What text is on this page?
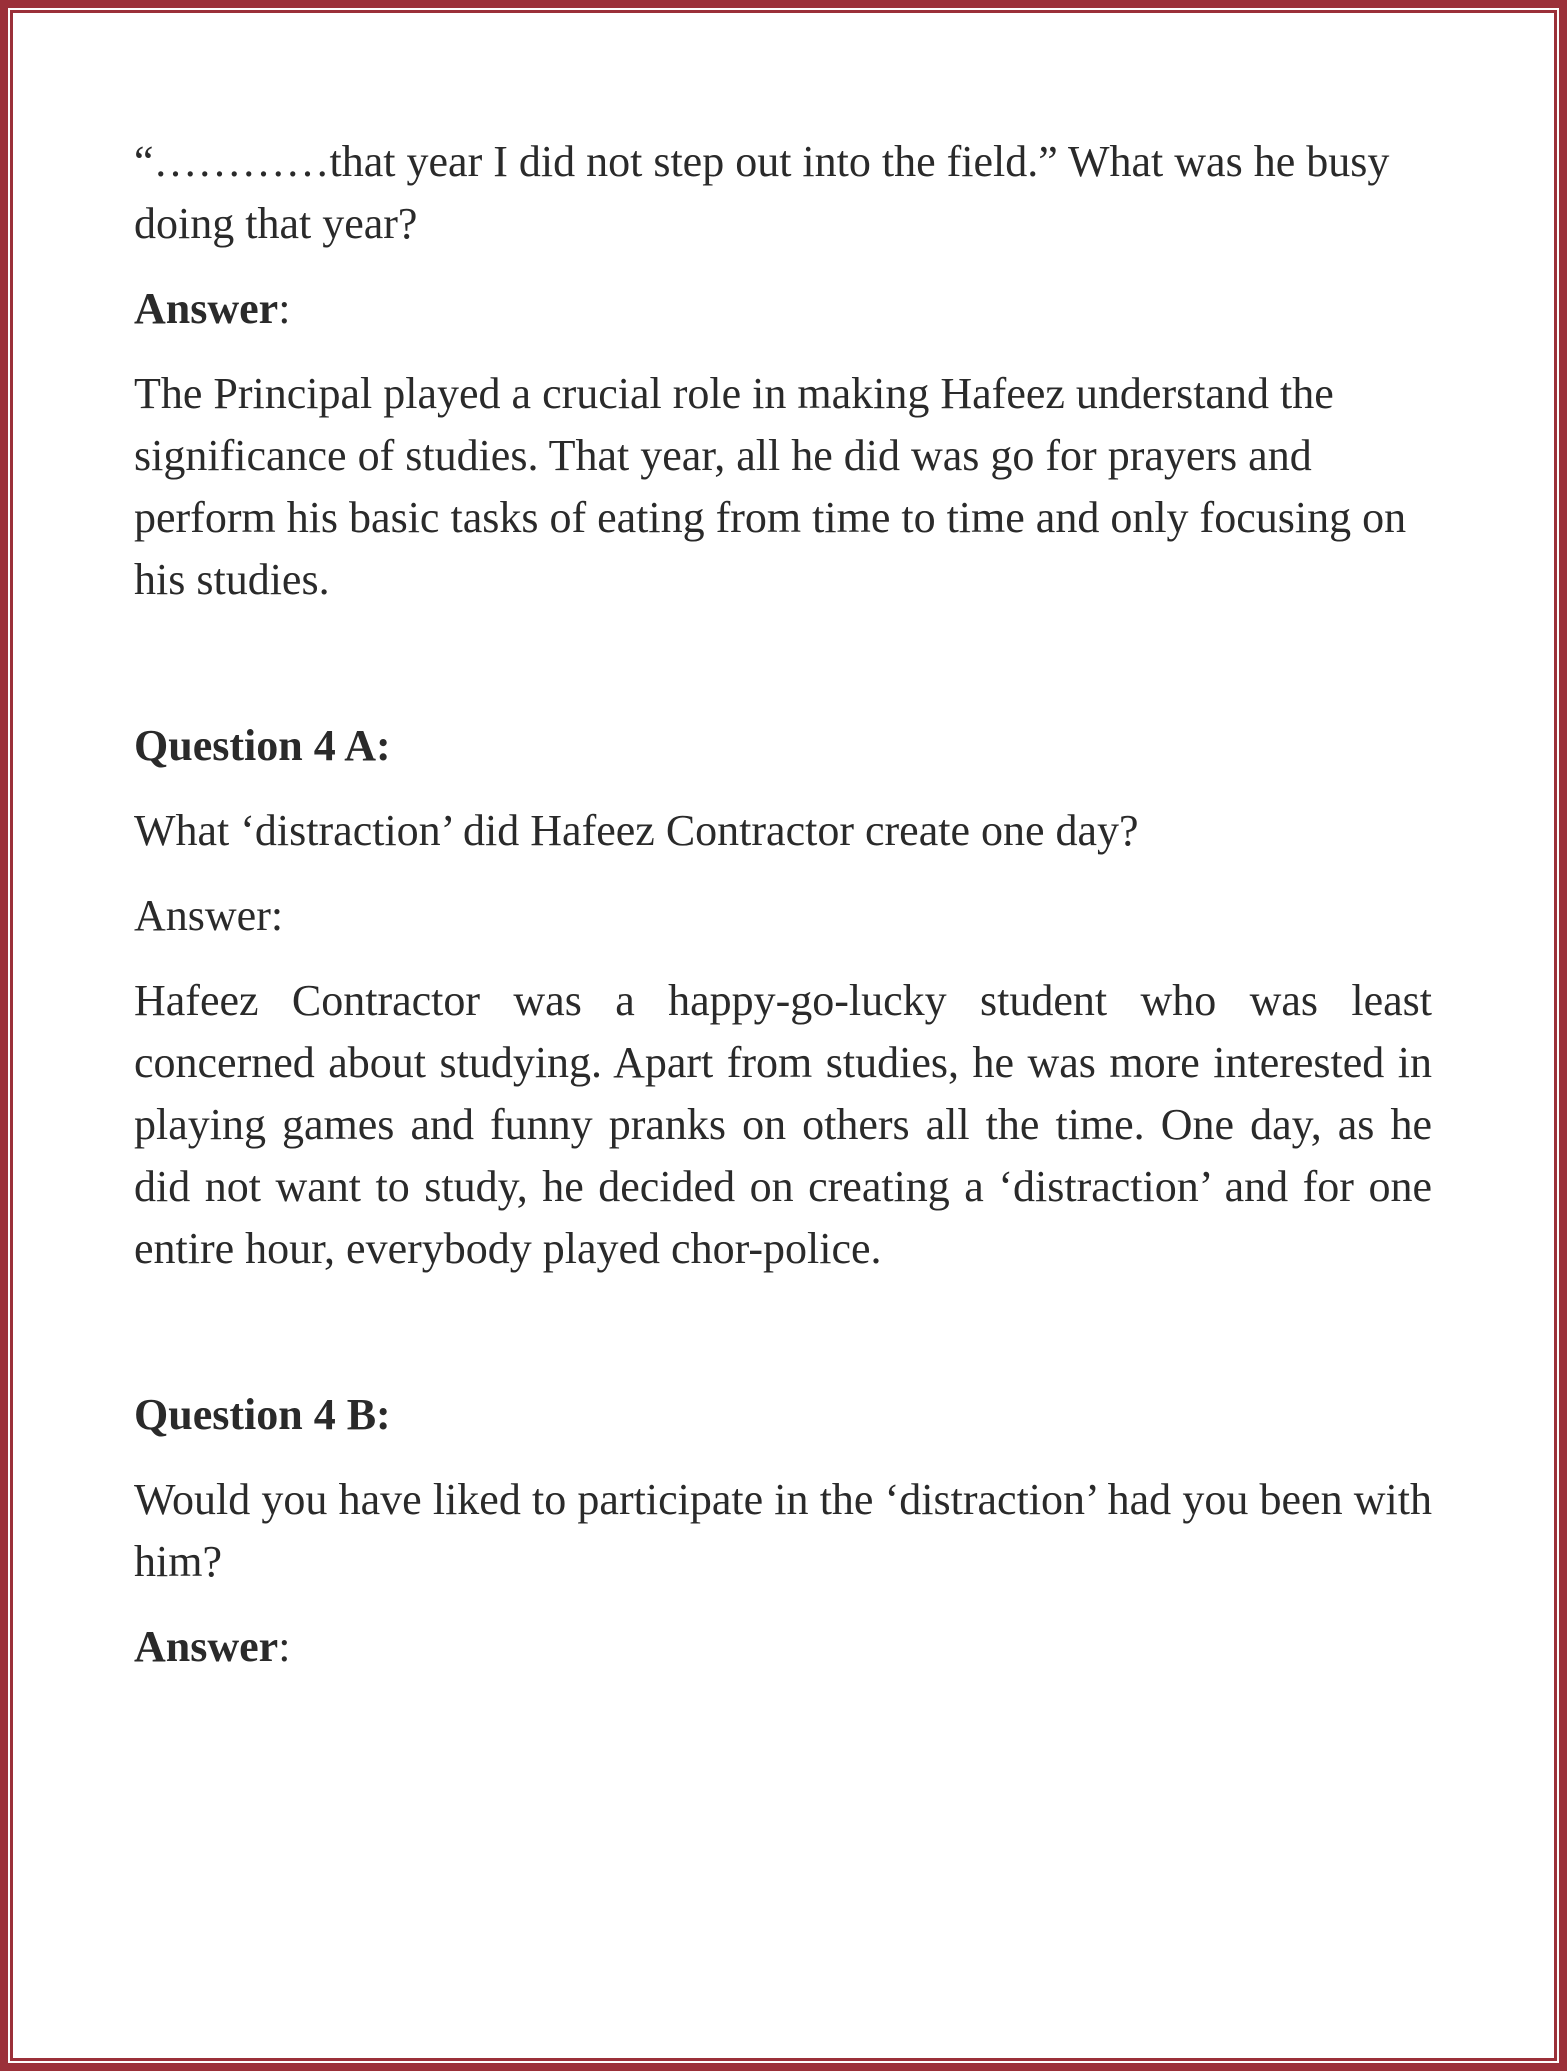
“…………that year I did not step out into the field.” What was he busy doing that year?

Answer:

The Principal played a crucial role in making Hafeez understand the significance of studies. That year, all he did was go for prayers and perform his basic tasks of eating from time to time and only focusing on his studies.

Question 4 A:

What ‘distraction’ did Hafeez Contractor create one day?

Answer:

Hafeez Contractor was a happy-go-lucky student who was least concerned about studying. Apart from studies, he was more interested in playing games and funny pranks on others all the time. One day, as he did not want to study, he decided on creating a ‘distraction’ and for one entire hour, everybody played chor-police.

Question 4 B:

Would you have liked to participate in the ‘distraction’ had you been with him?

Answer:
